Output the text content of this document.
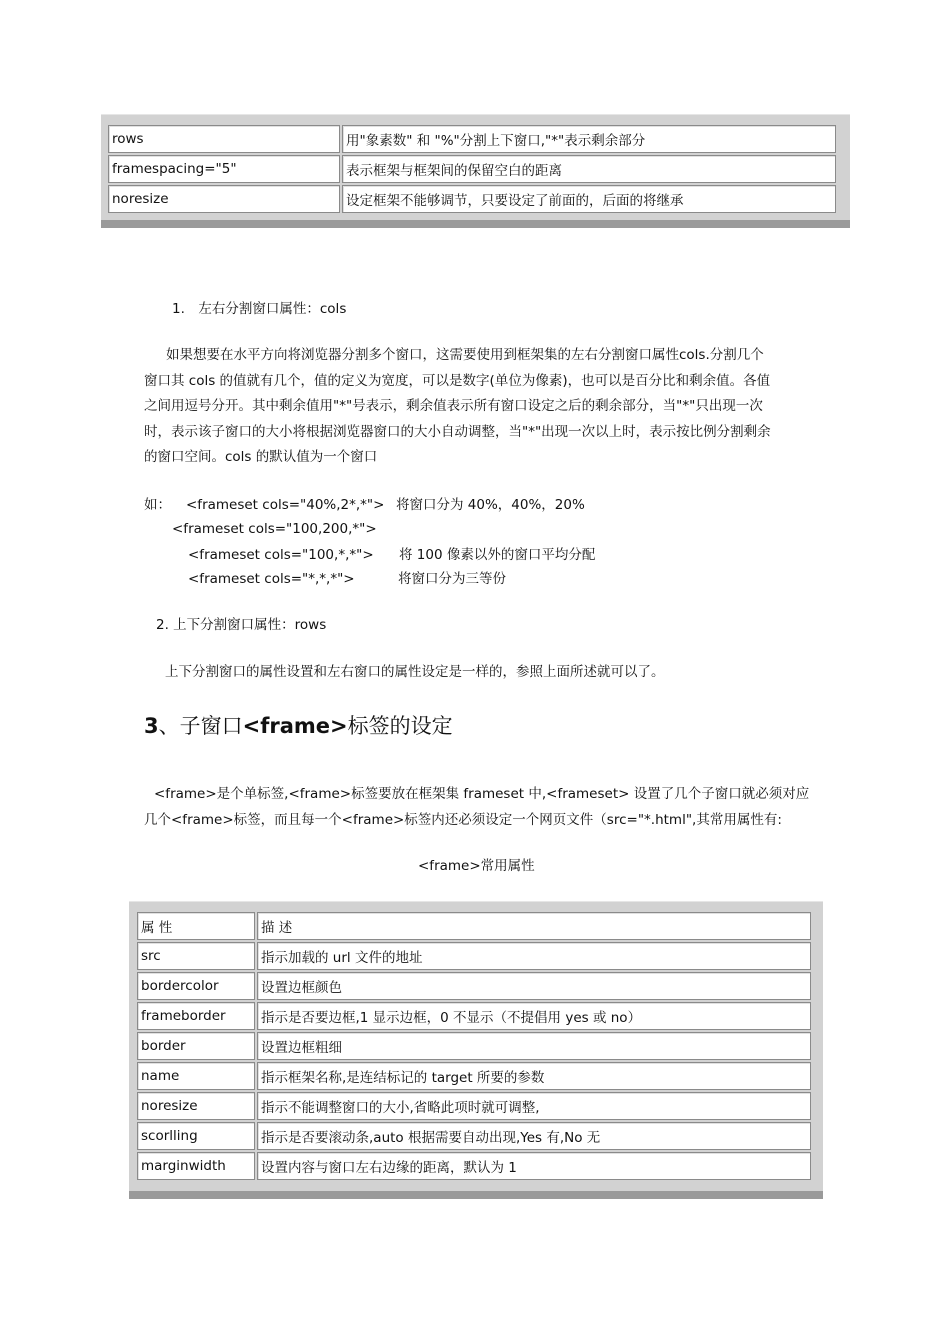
rows	用"象素数" 和 "%"分割上下窗口,"*"表示剩余部分
framespacing="5"	表示框架与框架间的保留空白的距离
noresize	设定框架不能够调节，只要设定了前面的，后面的将继承
1.　左右分割窗口属性：cols
如果想要在水平方向将浏览器分割多个窗口，这需要使用到框架集的左右分割窗口属性cols.分割几个
窗口其 cols 的值就有几个，值的定义为宽度，可以是数字(单位为像素)，也可以是百分比和剩余值。各值
之间用逗号分开。其中剩余值用"*"号表示，剩余值表示所有窗口设定之后的剩余部分，当"*"只出现一次
时，表示该子窗口的大小将根据浏览器窗口的大小自动调整，当"*"出现一次以上时，表示按比例分割剩余
的窗口空间。cols 的默认值为一个窗口
如： <frameset cols="40%,2*,*"> 将窗口分为 40%，40%，20%
<frameset cols="100,200,*">
<frameset cols="100,*,*"> 将 100 像素以外的窗口平均分配
<frameset cols="*,*,*">	将窗口分为三等份
2. 上下分割窗口属性：rows
上下分割窗口的属性设置和左右窗口的属性设定是一样的，参照上面所述就可以了。
3、子窗口<frame>标签的设定
<frame>是个单标签,<frame>标签要放在框架集 frameset 中,<frameset> 设置了几个子窗口就必须对应
几个<frame>标签，而且每一个<frame>标签内还必须设定一个网页文件（src="*.html",其常用属性有:
<frame>常用属性
属 性	描 述
src	指示加载的 url 文件的地址
bordercolor	设置边框颜色
frameborder	指示是否要边框,1 显示边框，0 不显示（不提倡用 yes 或 no）
border	设置边框粗细
name	指示框架名称,是连结标记的 target 所要的参数
noresize	指示不能调整窗口的大小,省略此项时就可调整,
scorlling	指示是否要滚动条,auto 根据需要自动出现,Yes 有,No 无
marginwidth	设置内容与窗口左右边缘的距离，默认为 1
